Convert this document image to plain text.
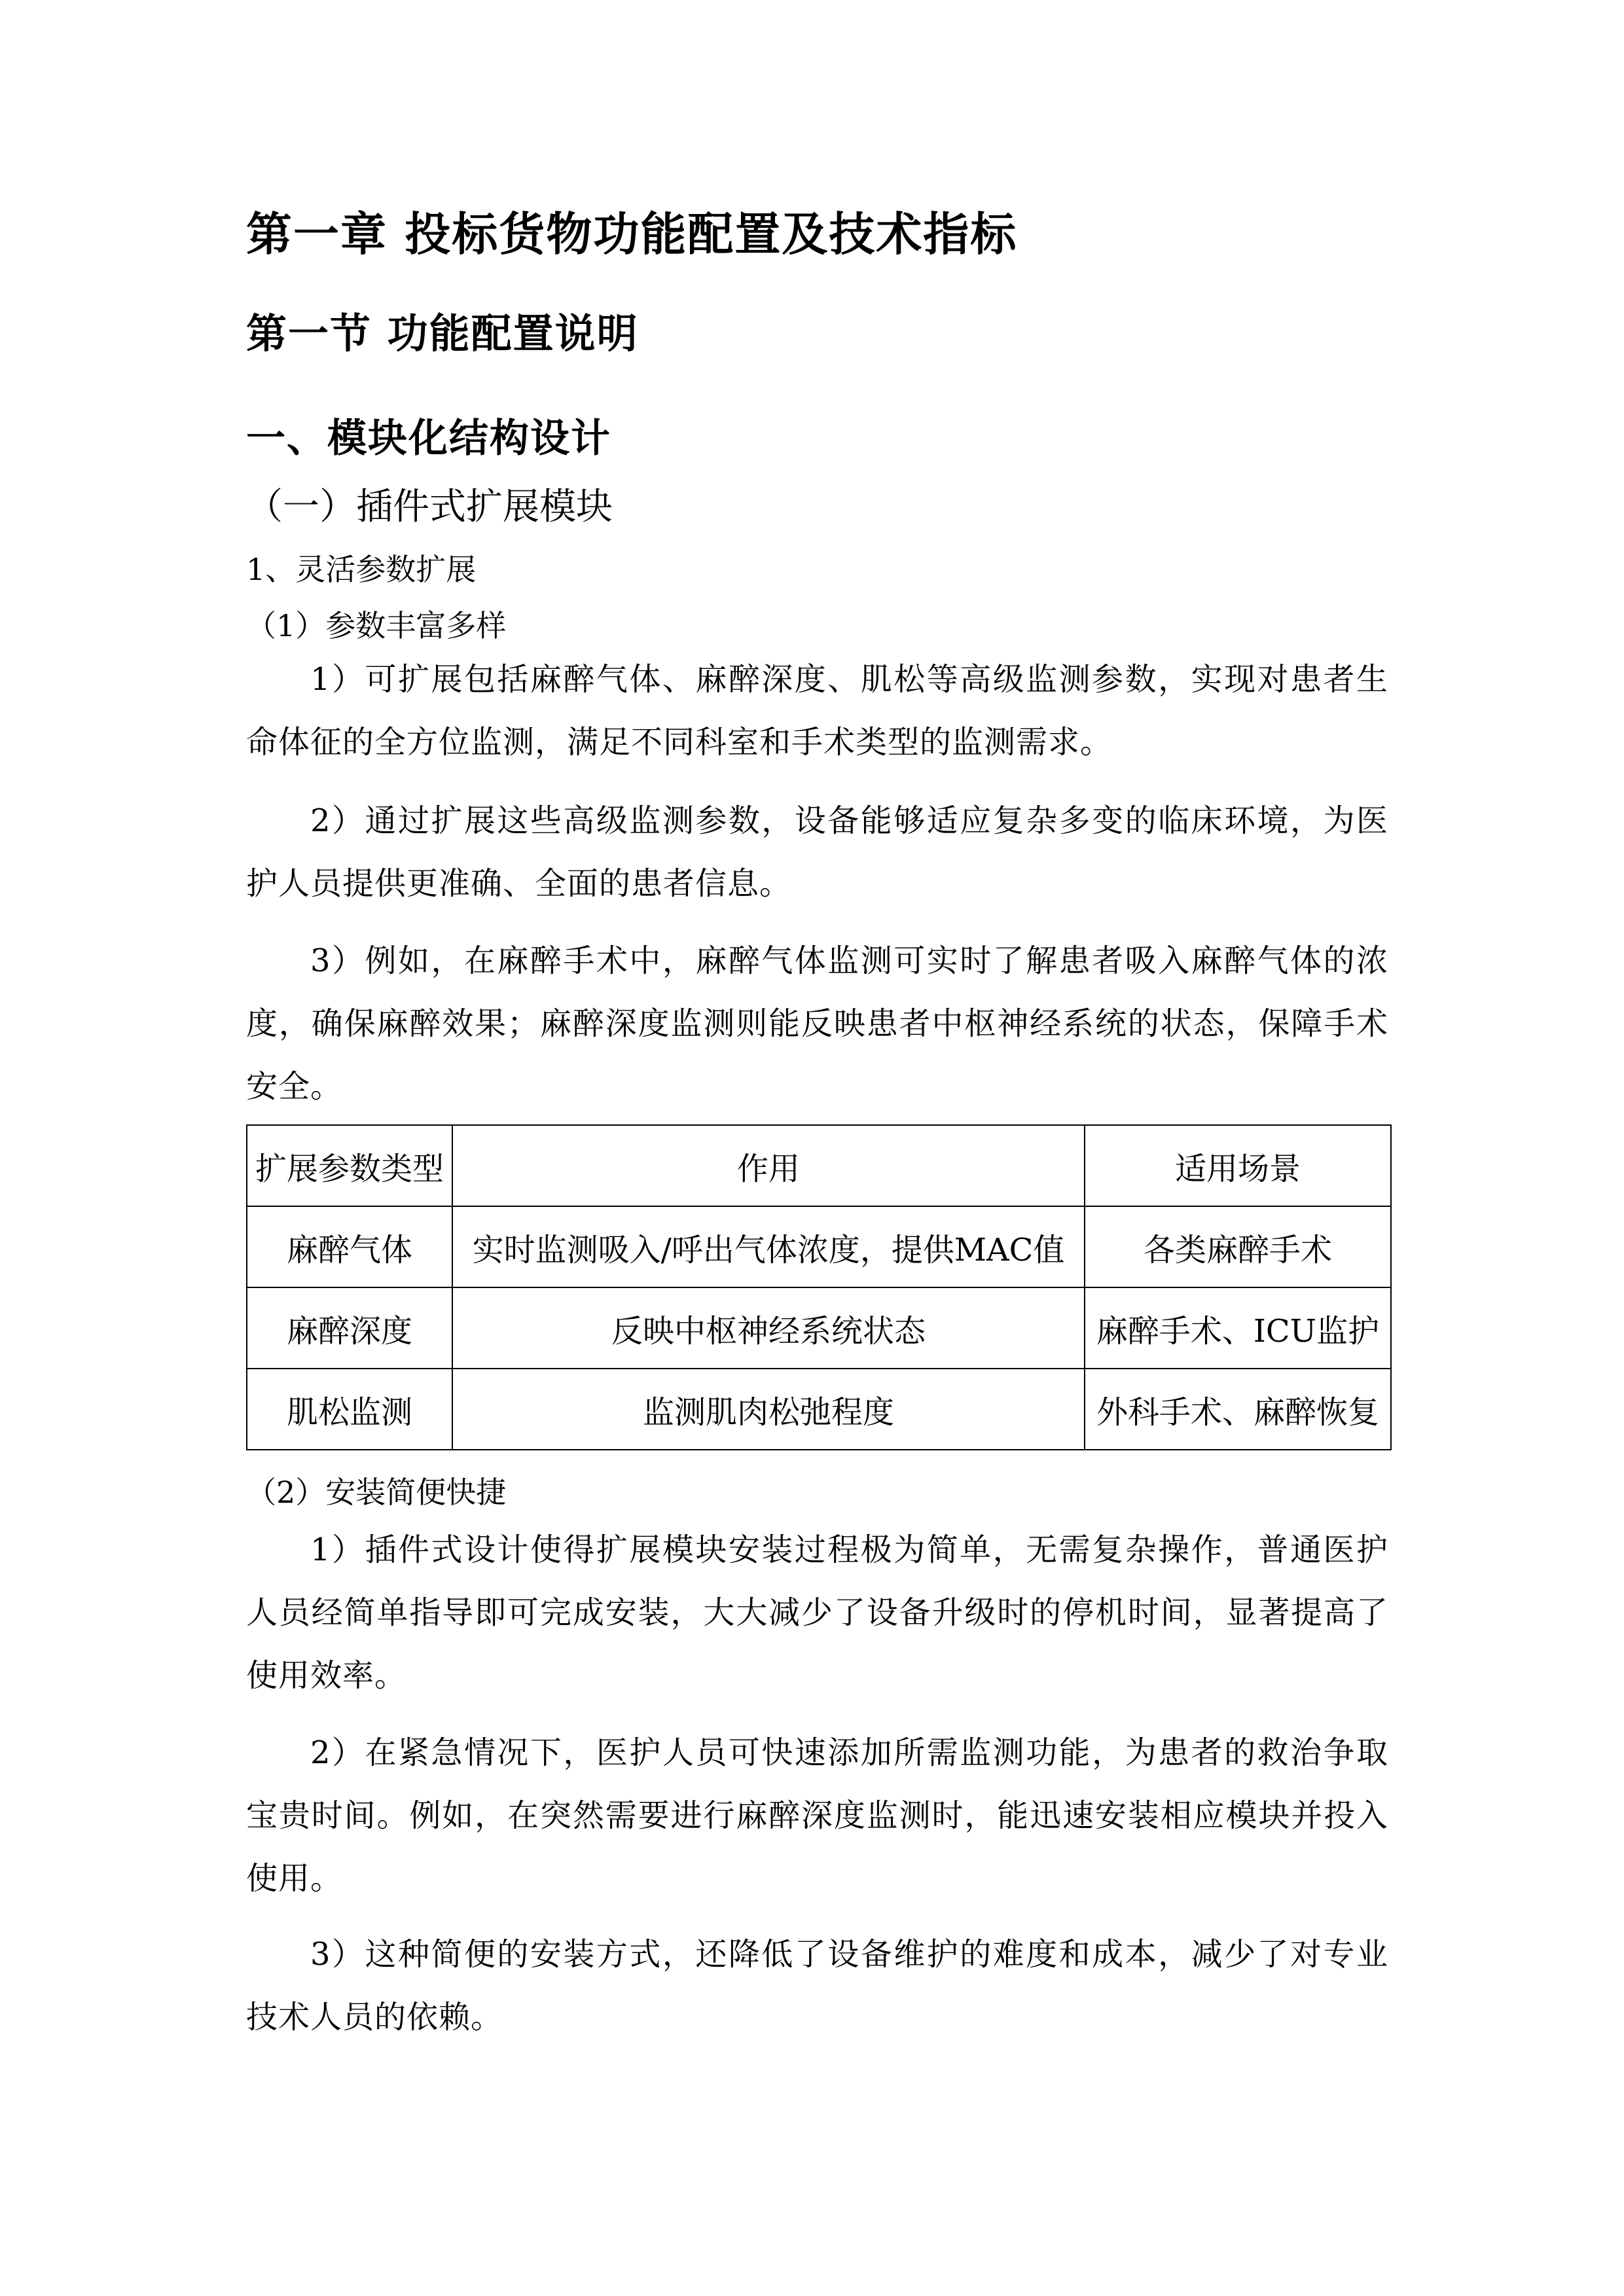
第一章 投标货物功能配置及技术指标
第一节 功能配置说明
一、模块化结构设计
（一）插件式扩展模块
1、灵活参数扩展
（1）参数丰富多样
1）可扩展包括麻醉气体、麻醉深度、肌松等高级监测参数，实现对患者生命体征的全方位监测，满足不同科室和手术类型的监测需求。
2）通过扩展这些高级监测参数，设备能够适应复杂多变的临床环境，为医护人员提供更准确、全面的患者信息。
3）例如，在麻醉手术中，麻醉气体监测可实时了解患者吸入麻醉气体的浓度，确保麻醉效果；麻醉深度监测则能反映患者中枢神经系统的状态，保障手术安全。
扩展参数类型	作用	适用场景
麻醉气体	实时监测吸入/呼出气体浓度，提供MAC值	各类麻醉手术
麻醉深度	反映中枢神经系统状态	麻醉手术、ICU监护
肌松监测	监测肌肉松弛程度	外科手术、麻醉恢复
（2）安装简便快捷
1）插件式设计使得扩展模块安装过程极为简单，无需复杂操作，普通医护人员经简单指导即可完成安装，大大减少了设备升级时的停机时间，显著提高了使用效率。
2）在紧急情况下，医护人员可快速添加所需监测功能，为患者的救治争取宝贵时间。例如，在突然需要进行麻醉深度监测时，能迅速安装相应模块并投入使用。
3）这种简便的安装方式，还降低了设备维护的难度和成本，减少了对专业技术人员的依赖。
